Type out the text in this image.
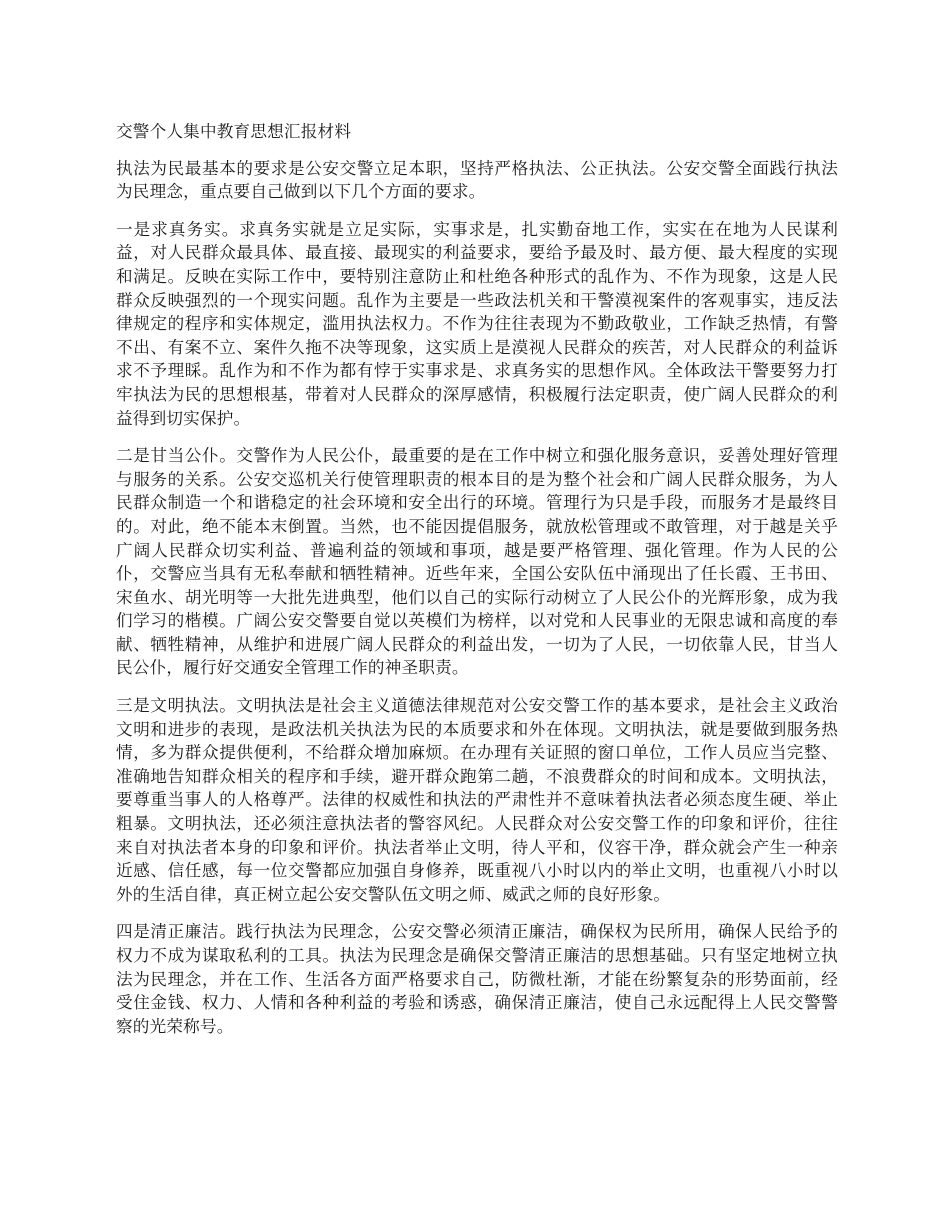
交警个人集中教育思想汇报材料

执法为民最基本的要求是公安交警立足本职，坚持严格执法、公正执法。公安交警全面践行执法为民理念，重点要自己做到以下几个方面的要求。

一是求真务实。求真务实就是立足实际，实事求是，扎实勤奋地工作，实实在在地为人民谋利益，对人民群众最具体、最直接、最现实的利益要求，要给予最及时、最方便、最大程度的实现和满足。反映在实际工作中，要特别注意防止和杜绝各种形式的乱作为、不作为现象，这是人民群众反映强烈的一个现实问题。乱作为主要是一些政法机关和干警漠视案件的客观事实，违反法律规定的程序和实体规定，滥用执法权力。不作为往往表现为不勤政敬业，工作缺乏热情，有警不出、有案不立、案件久拖不决等现象，这实质上是漠视人民群众的疾苦，对人民群众的利益诉求不予理睬。乱作为和不作为都有悖于实事求是、求真务实的思想作风。全体政法干警要努力打牢执法为民的思想根基，带着对人民群众的深厚感情，积极履行法定职责，使广阔人民群众的利益得到切实保护。

二是甘当公仆。交警作为人民公仆，最重要的是在工作中树立和强化服务意识，妥善处理好管理与服务的关系。公安交巡机关行使管理职责的根本目的是为整个社会和广阔人民群众服务，为人民群众制造一个和谐稳定的社会环境和安全出行的环境。管理行为只是手段，而服务才是最终目的。对此，绝不能本末倒置。当然，也不能因提倡服务，就放松管理或不敢管理，对于越是关乎广阔人民群众切实利益、普遍利益的领域和事项，越是要严格管理、强化管理。作为人民的公仆，交警应当具有无私奉献和牺牲精神。近些年来，全国公安队伍中涌现出了任长霞、王书田、宋鱼水、胡光明等一大批先进典型，他们以自己的实际行动树立了人民公仆的光辉形象，成为我们学习的楷模。广阔公安交警要自觉以英模们为榜样，以对党和人民事业的无限忠诚和高度的奉献、牺牲精神，从维护和进展广阔人民群众的利益出发，一切为了人民，一切依靠人民，甘当人民公仆，履行好交通安全管理工作的神圣职责。

三是文明执法。文明执法是社会主义道德法律规范对公安交警工作的基本要求，是社会主义政治文明和进步的表现，是政法机关执法为民的本质要求和外在体现。文明执法，就是要做到服务热情，多为群众提供便利，不给群众增加麻烦。在办理有关证照的窗口单位，工作人员应当完整、准确地告知群众相关的程序和手续，避开群众跑第二趟，不浪费群众的时间和成本。文明执法，要尊重当事人的人格尊严。法律的权威性和执法的严肃性并不意味着执法者必须态度生硬、举止粗暴。文明执法，还必须注意执法者的警容风纪。人民群众对公安交警工作的印象和评价，往往来自对执法者本身的印象和评价。执法者举止文明，待人平和，仪容干净，群众就会产生一种亲近感、信任感，每一位交警都应加强自身修养，既重视八小时以内的举止文明，也重视八小时以外的生活自律，真正树立起公安交警队伍文明之师、威武之师的良好形象。

四是清正廉洁。践行执法为民理念，公安交警必须清正廉洁，确保权为民所用，确保人民给予的权力不成为谋取私利的工具。执法为民理念是确保交警清正廉洁的思想基础。只有坚定地树立执法为民理念，并在工作、生活各方面严格要求自己，防微杜渐，才能在纷繁复杂的形势面前，经受住金钱、权力、人情和各种利益的考验和诱惑，确保清正廉洁，使自己永远配得上人民交警警察的光荣称号。
